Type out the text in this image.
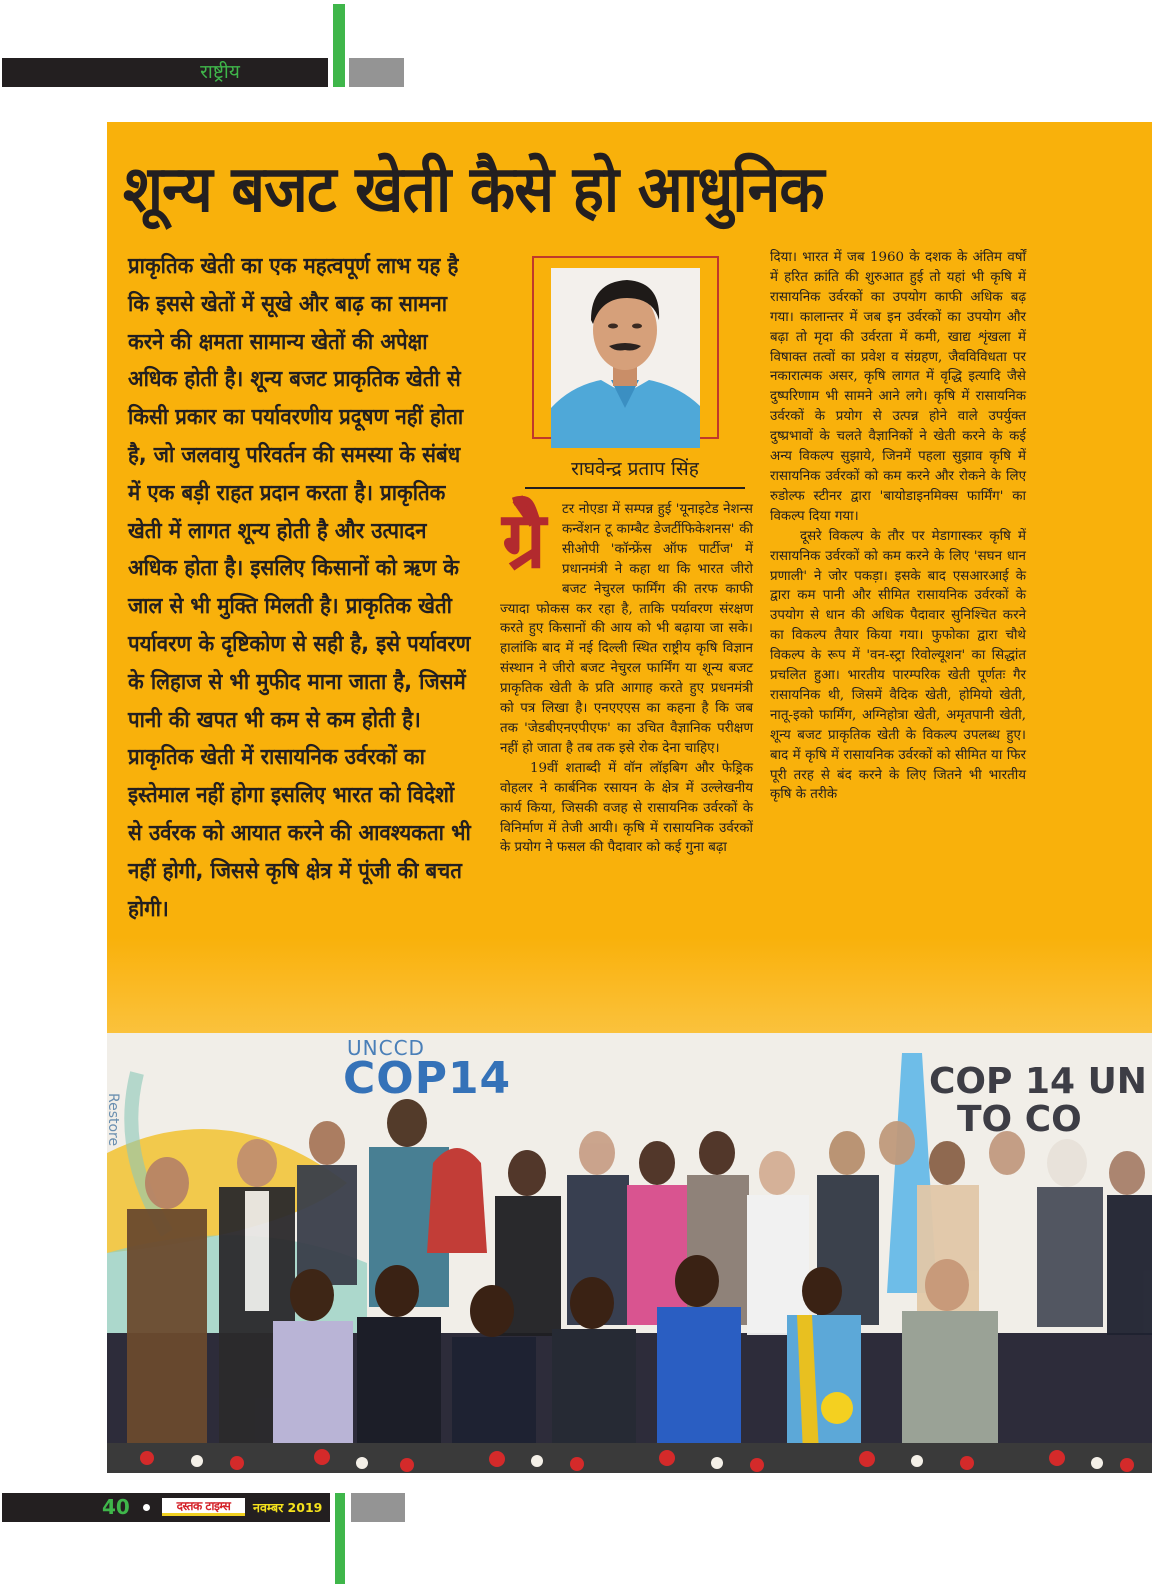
राष्ट्रीय
शून्य बजट खेती कैसे हो आधुनिक
प्राकृतिक खेती का एक महत्वपूर्ण लाभ यह है कि इससे खेतों में सूखे और बाढ़ का सामना करने की क्षमता सामान्य खेतों की अपेक्षा अधिक होती है। शून्य बजट प्राकृतिक खेती से किसी प्रकार का पर्यावरणीय प्रदूषण नहीं होता है, जो जलवायु परिवर्तन की समस्या के संबंध में एक बड़ी राहत प्रदान करता है। प्राकृतिक खेती में लागत शून्य होती है और उत्पादन अधिक होता है। इसलिए किसानों को ऋण के जाल से भी मुक्ति मिलती है। प्राकृतिक खेती पर्यावरण के दृष्टिकोण से सही है, इसे पर्यावरण के लिहाज से भी मुफीद माना जाता है, जिसमें पानी की खपत भी कम से कम होती है। प्राकृतिक खेती में रासायनिक उर्वरकों का इस्तेमाल नहीं होगा इसलिए भारत को विदेशों से उर्वरक को आयात करने की आवश्यकता भी नहीं होगी, जिससे कृषि क्षेत्र में पूंजी की बचत होगी।
राघवेन्द्र प्रताप सिंह
ग्रे	टर नोएडा में सम्पन्न हुई 'यूनाइटेड नेशन्स कन्वेंशन टू काम्बैट डेजर्टीफिकेशनस' की सीओपी 'कॉन्फ्रेंस ऑफ पार्टीज' में प्रधानमंत्री ने कहा था कि भारत जीरो बजट नेचुरल फार्मिंग की तरफ काफी ज्यादा फोकस कर रहा है, ताकि पर्यावरण संरक्षण करते हुए किसानों की आय को भी बढ़ाया जा सके। हालांकि बाद में नई दिल्ली स्थित राष्ट्रीय कृषि विज्ञान संस्थान ने जीरो बजट नेचुरल फार्मिंग या शून्य बजट प्राकृतिक खेती के प्रति आगाह करते हुए प्रधनमंत्री को पत्र लिखा है। एनएएएस का कहना है कि जब तक 'जेडबीएनएपीएफ' का उचित वैज्ञानिक परीक्षण नहीं हो जाता है तब तक इसे रोक देना चाहिए।

19वीं शताब्दी में वॉन लॉइबिग और फेड्रिक वोहलर ने कार्बनिक रसायन के क्षेत्र में उल्लेखनीय कार्य किया, जिसकी वजह से रासायनिक उर्वरकों के विनिर्माण में तेजी आयी। कृषि में रासायनिक उर्वरकों के प्रयोग ने फसल की पैदावार को कई गुना बढ़ा

दिया। भारत में जब 1960 के दशक के अंतिम वर्षों में हरित क्रांति की शुरुआत हुई तो यहां भी कृषि में रासायनिक उर्वरकों का उपयोग काफी अधिक बढ़ गया। कालान्तर में जब इन उर्वरकों का उपयोग और बढ़ा तो मृदा की उर्वरता में कमी, खाद्य शृंखला में विषाक्त तत्वों का प्रवेश व संग्रहण, जैवविविधता पर नकारात्मक असर, कृषि लागत में वृद्धि इत्यादि जैसे दुष्परिणाम भी सामने आने लगे। कृषि में रासायनिक उर्वरकों के प्रयोग से उत्पन्न होने वाले उपर्युक्त दुष्प्रभावों के चलते वैज्ञानिकों ने खेती करने के कई अन्य विकल्प सुझाये, जिनमें पहला सुझाव कृषि में रासायनिक उर्वरकों को कम करने और रोकने के लिए रुडोल्फ स्टीनर द्वारा 'बायोडाइनमिक्स फार्मिंग' का विकल्प दिया गया।

दूसरे विकल्प के तौर पर मेडागास्कर कृषि में रासायनिक उर्वरकों को कम करने के लिए 'सघन धान प्रणाली' ने जोर पकड़ा। इसके बाद एसआरआई के द्वारा कम पानी और सीमित रासायनिक उर्वरकों के उपयोग से धान की अधिक पैदावार सुनिश्चित करने का विकल्प तैयार किया गया। फुफोका द्वारा चौथे विकल्प के रूप में 'वन-स्ट्रा रिवोल्यूशन' का सिद्धांत प्रचलित हुआ। भारतीय पारम्परिक खेती पूर्णतः गैर रासायनिक थी, जिसमें वैदिक खेती, होमियो खेती, नातू-इको फार्मिंग, अग्निहोत्रा खेती, अमृतपानी खेती, शून्य बजट प्राकृतिक खेती के विकल्प उपलब्ध हुए। बाद में कृषि में रासायनिक उर्वरकों को सीमित या फिर पूरी तरह से बंद करने के लिए जितने भी भारतीय कृषि के तरीके

UNCCD
COP14	COP 14 UN
TO CO
Restore
40	दस्तक टाइम्स	नवम्बर 2019
